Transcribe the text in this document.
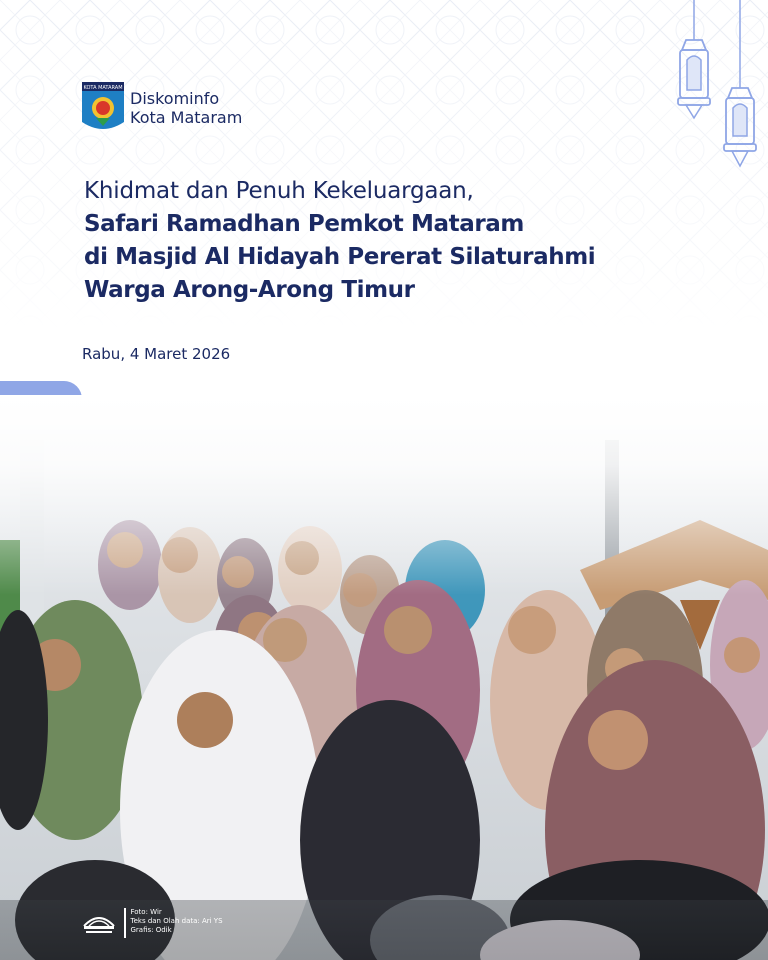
KOTA MATARAM
Diskominfo
Kota Mataram
Khidmat dan Penuh Kekeluargaan,
Safari Ramadhan Pemkot Mataram
di Masjid Al Hidayah Pererat Silaturahmi
Warga Arong-Arong Timur
Rabu, 4 Maret 2026
Foto: Wir
Teks dan Olah data: Ari YS
Grafis: Odik
